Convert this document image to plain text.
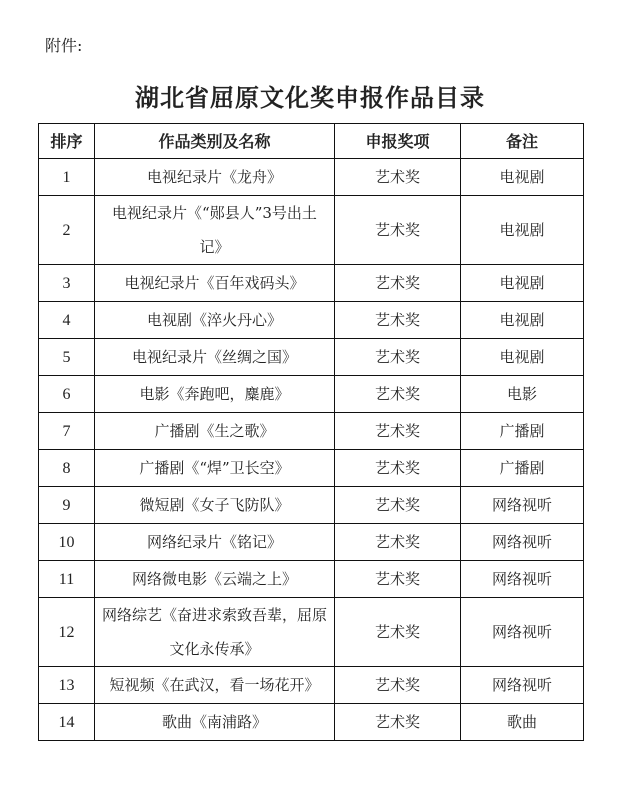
附件:
湖北省屈原文化奖申报作品目录
排序	作品类别及名称	申报奖项	备注
1	电视纪录片《龙舟》	艺术奖	电视剧
2	电视纪录片《“郧县人”3号出土记》	艺术奖	电视剧
3	电视纪录片《百年戏码头》	艺术奖	电视剧
4	电视剧《淬火丹心》	艺术奖	电视剧
5	电视纪录片《丝绸之国》	艺术奖	电视剧
6	电影《奔跑吧，麋鹿》	艺术奖	电影
7	广播剧《生之歌》	艺术奖	广播剧
8	广播剧《“焊”卫长空》	艺术奖	广播剧
9	微短剧《女子飞防队》	艺术奖	网络视听
10	网络纪录片《铭记》	艺术奖	网络视听
11	网络微电影《云端之上》	艺术奖	网络视听
12	网络综艺《奋进求索致吾辈，屈原文化永传承》	艺术奖	网络视听
13	短视频《在武汉，看一场花开》	艺术奖	网络视听
14	歌曲《南浦路》	艺术奖	歌曲
